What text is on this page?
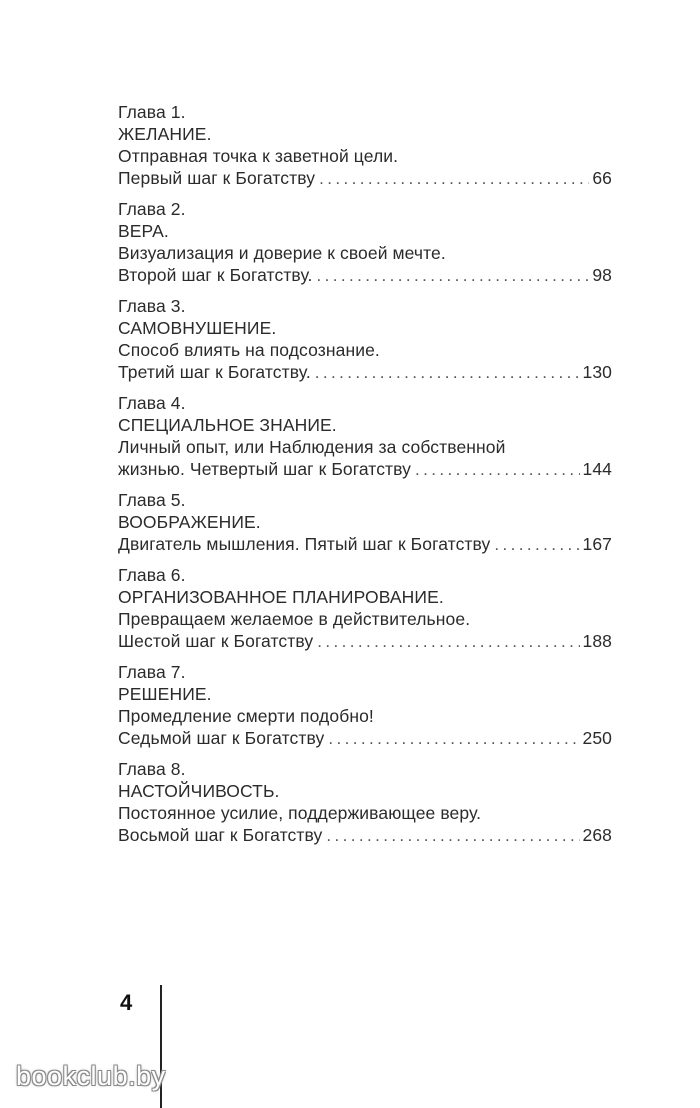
Глава 1.
ЖЕЛАНИЕ.
Отправная точка к заветной цели.
Первый шаг к Богатству .....	66
Глава 2.
ВЕРА.
Визуализация и доверие к своей мечте.
Второй шаг к Богатству. .....	98
Глава 3.
САМОВНУШЕНИЕ.
Способ влиять на подсознание.
Третий шаг к Богатству. .....	130
Глава 4.
СПЕЦИАЛЬНОЕ ЗНАНИЕ.
Личный опыт, или Наблюдения за собственной
жизнью. Четвертый шаг к Богатству .....	144
Глава 5.
ВООБРАЖЕНИЕ.
Двигатель мышления. Пятый шаг к Богатству .....	167
Глава 6.
ОРГАНИЗОВАННОЕ ПЛАНИРОВАНИЕ.
Превращаем желаемое в действительное.
Шестой шаг к Богатству .....	188
Глава 7.
РЕШЕНИЕ.
Промедление смерти подобно!
Седьмой шаг к Богатству .....	250
Глава 8.
НАСТОЙЧИВОСТЬ.
Постоянное усилие, поддерживающее веру.
Восьмой шаг к Богатству .....	268
4
bookclub.by
